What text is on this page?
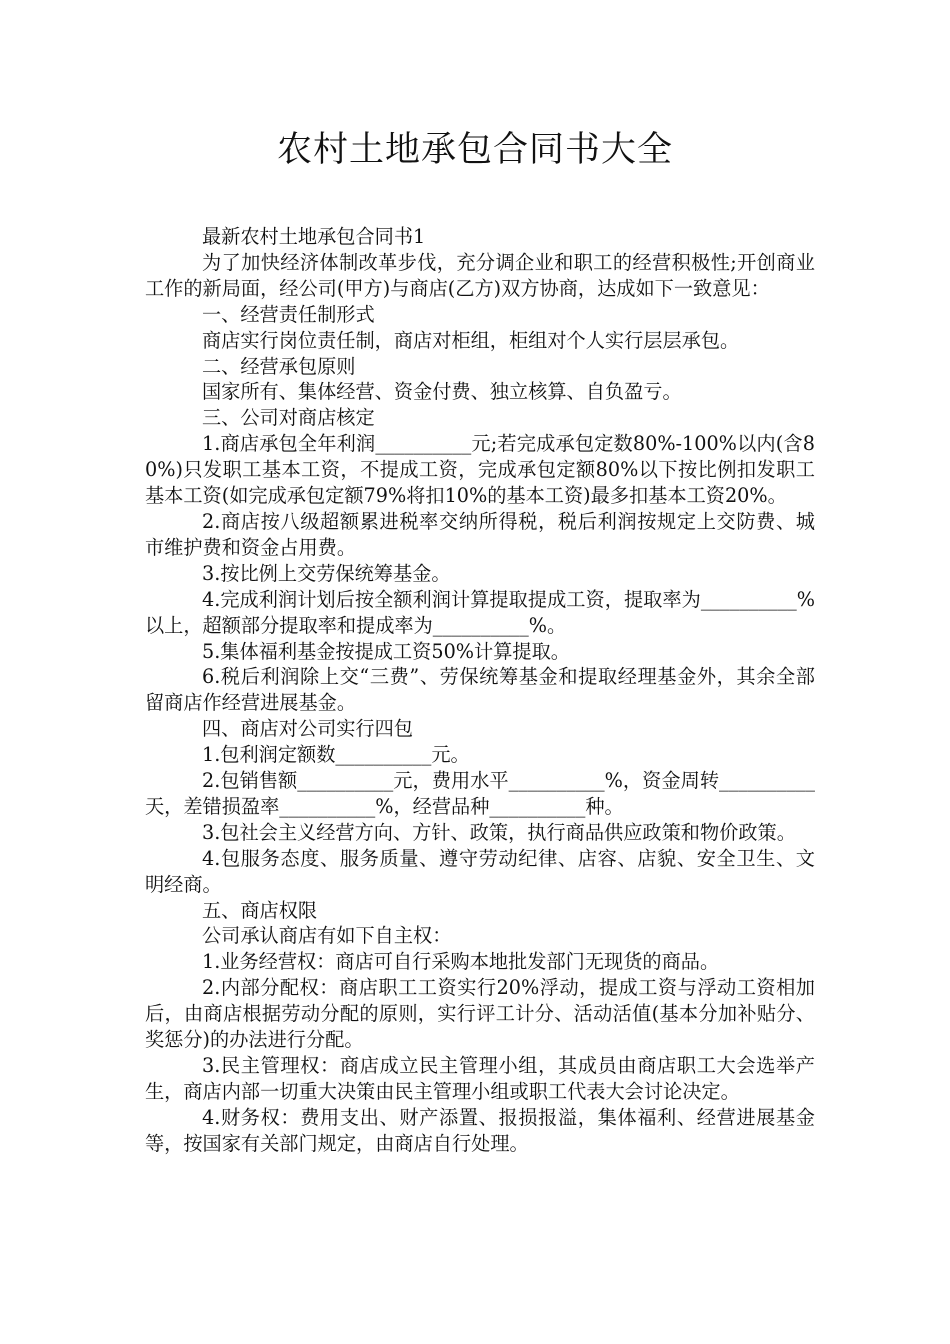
农村土地承包合同书大全

最新农村土地承包合同书1

为了加快经济体制改革步伐，充分调企业和职工的经营积极性;开创商业工作的新局面，经公司(甲方)与商店(乙方)双方协商，达成如下一致意见：

一、经营责任制形式

商店实行岗位责任制，商店对柜组，柜组对个人实行层层承包。

二、经营承包原则

国家所有、集体经营、资金付费、独立核算、自负盈亏。

三、公司对商店核定

1.商店承包全年利润__________元;若完成承包定数80%-100%以内(含80%)只发职工基本工资，不提成工资，完成承包定额80%以下按比例扣发职工基本工资(如完成承包定额79%将扣10%的基本工资)最多扣基本工资20%。

2.商店按八级超额累进税率交纳所得税，税后利润按规定上交防费、城市维护费和资金占用费。

3.按比例上交劳保统筹基金。

4.完成利润计划后按全额利润计算提取提成工资，提取率为__________%以上，超额部分提取率和提成率为__________%。

5.集体福利基金按提成工资50%计算提取。

6.税后利润除上交“三费”、劳保统筹基金和提取经理基金外，其余全部留商店作经营进展基金。

四、商店对公司实行四包

1.包利润定额数__________元。

2.包销售额__________元，费用水平__________%，资金周转__________天，差错损盈率__________%，经营品种__________种。

3.包社会主义经营方向、方针、政策，执行商品供应政策和物价政策。

4.包服务态度、服务质量、遵守劳动纪律、店容、店貌、安全卫生、文明经商。

五、商店权限

公司承认商店有如下自主权：

1.业务经营权：商店可自行采购本地批发部门无现货的商品。

2.内部分配权：商店职工工资实行20%浮动，提成工资与浮动工资相加后，由商店根据劳动分配的原则，实行评工计分、活动活值(基本分加补贴分、奖惩分)的办法进行分配。

3.民主管理权：商店成立民主管理小组，其成员由商店职工大会选举产生，商店内部一切重大决策由民主管理小组或职工代表大会讨论决定。

4.财务权：费用支出、财产添置、报损报溢，集体福利、经营进展基金等，按国家有关部门规定，由商店自行处理。
